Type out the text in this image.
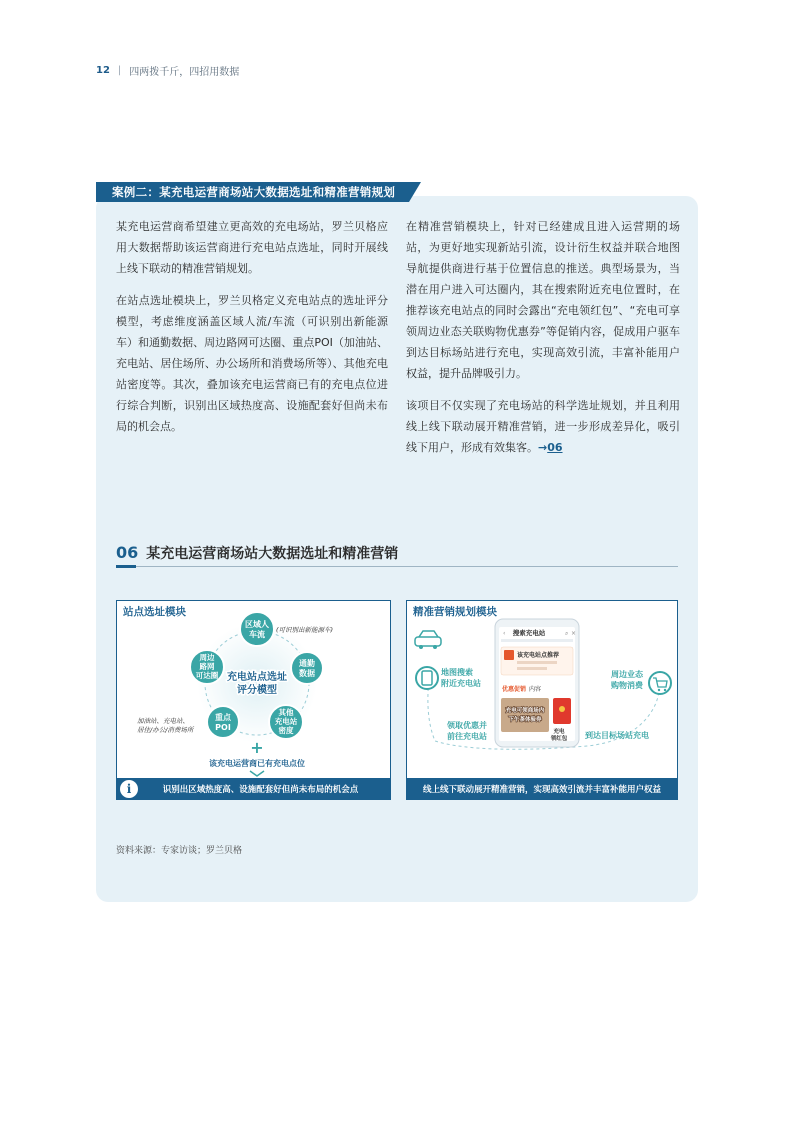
12 | 四两拨千斤，四招用数据
案例二：某充电运营商场站大数据选址和精准营销规划

某充电运营商希望建立更高效的充电场站，罗兰贝格应用大数据帮助该运营商进行充电站点选址，同时开展线上线下联动的精准营销规划。

在站点选址模块上，罗兰贝格定义充电站点的选址评分模型，考虑维度涵盖区域人流/车流（可识别出新能源车）和通勤数据、周边路网可达圈、重点POI（加油站、充电站、居住场所、办公场所和消费场所等）、其他充电站密度等。其次，叠加该充电运营商已有的充电点位进行综合判断，识别出区域热度高、设施配套好但尚未布局的机会点。

在精准营销模块上，针对已经建成且进入运营期的场站，为更好地实现新站引流，设计衍生权益并联合地图导航提供商进行基于位置信息的推送。典型场景为，当潜在用户进入可达圈内，其在搜索附近充电位置时，在推荐该充电站点的同时会露出“充电领红包”、“充电可享领周边业态关联购物优惠券”等促销内容，促成用户驱车到达目标场站进行充电，实现高效引流，丰富补能用户权益，提升品牌吸引力。

该项目不仅实现了充电场站的科学选址规划，并且利用线上线下联动展开精准营销，进一步形成差异化，吸引线下用户，形成有效集客。→06

06 某充电运营商场站大数据选址和精准营销
充电站点选址
评分模型
区域人
车流
通勤
数据
其他
充电站
密度
重点
POI
周边
路网
可达圈
(可识别出新能源车)
加油站、充电站、
居住/办公/消费场所
+
该充电运营商已有充电点位
站点选址模块
i	识别出区域热度高、设施配套好但尚未布局的机会点
‹ 搜索充电站	⌕ ×
该充电站点推荐
优惠促销 内容
充电可领商场内
下午茶体验券
充电
领红包
地图搜索
附近充电站
领取优惠并
前往充电站	到达目标场站充电
周边业态
购物消费
精准营销规划模块
线上线下联动展开精准营销，实现高效引流并丰富补能用户权益
资料来源：专家访谈；罗兰贝格
